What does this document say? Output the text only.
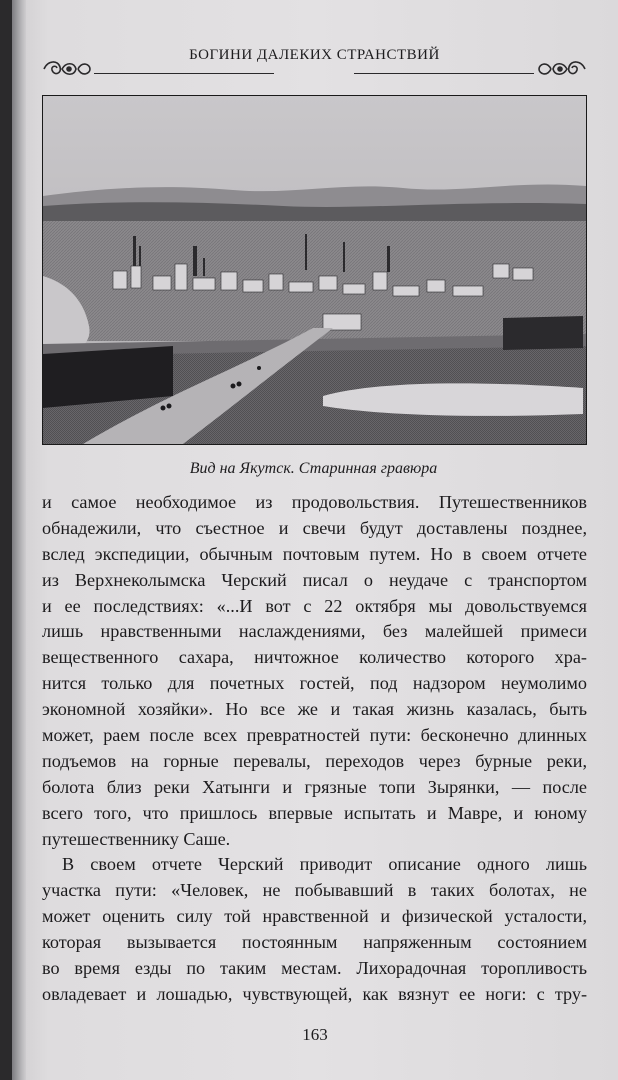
БОГИНИ ДАЛЕКИХ СТРАНСТВИЙ
Вид на Якутск. Старинная гравюра
и самое необходимое из продовольствия. Путешественников
обнадежили, что съестное и свечи будут доставлены позднее,
вслед экспедиции, обычным почтовым путем. Но в своем отчете
из Верхнеколымска Черский писал о неудаче с транспортом
и ее последствиях: «...И вот с 22 октября мы довольствуемся
лишь нравственными наслаждениями, без малейшей примеси
вещественного сахара, ничтожное количество которого хра-
нится только для почетных гостей, под надзором неумолимо
экономной хозяйки». Но все же и такая жизнь казалась, быть
может, раем после всех превратностей пути: бесконечно длинных
подъемов на горные перевалы, переходов через бурные реки,
болота близ реки Хатынги и грязные топи Зырянки, — после
всего того, что пришлось впервые испытать и Мавре, и юному
путешественнику Саше.
В своем отчете Черский приводит описание одного лишь
участка пути: «Человек, не побывавший в таких болотах, не
может оценить силу той нравственной и физической усталости,
которая вызывается постоянным напряженным состоянием
во время езды по таким местам. Лихорадочная торопливость
овладевает и лошадью, чувствующей, как вязнут ее ноги: с тру-
163
